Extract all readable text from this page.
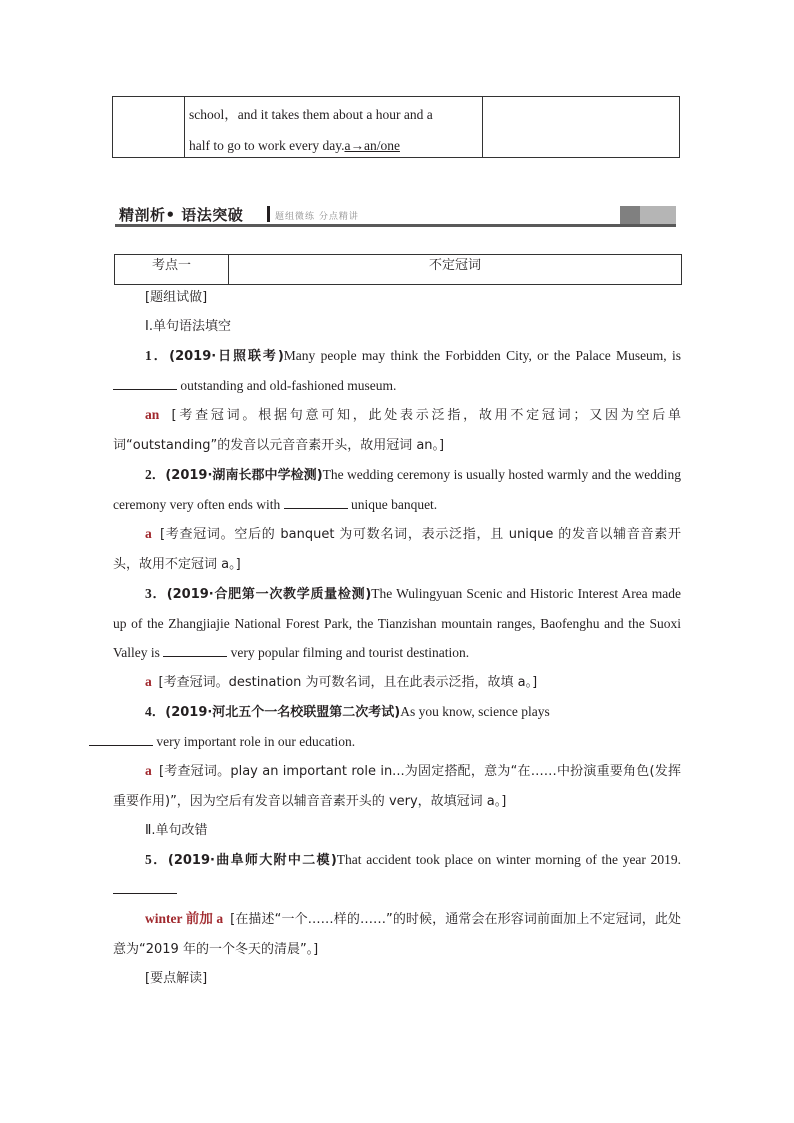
school，and it takes them about a hour and a
half to go to work every day.a→an/one
精剖析• 语法突破	题组微练 分点精讲
考点一	不定冠词

[题组试做]

Ⅰ.单句语法填空

1．(2019·日照联考)Many people may think the Forbidden City, or the Palace Museum, is  outstanding and old-fashioned museum.

an [考查冠词。根据句意可知，此处表示泛指，故用不定冠词；又因为空后单词“outstanding”的发音以元音音素开头，故用冠词 an。]

2．(2019·湖南长郡中学检测)The wedding ceremony is usually hosted warmly and the wedding ceremony very often ends with	unique banquet.

a [考查冠词。空后的 banquet 为可数名词，表示泛指，且 unique 的发音以辅音音素开头，故用不定冠词 a。]

3．(2019·合肥第一次教学质量检测)The Wulingyuan Scenic and Historic Interest Area made up of the Zhangjiajie National Forest Park, the Tianzishan mountain ranges, Baofenghu and the Suoxi Valley is	very popular filming and tourist destination.

a [考查冠词。destination 为可数名词，且在此表示泛指，故填 a。]

4．(2019·河北五个一名校联盟第二次考试)As you know, science plays
very important role in our education.

a [考查冠词。play an important role in...为固定搭配，意为“在……中扮演重要角色(发挥重要作用)”，因为空后有发音以辅音音素开头的 very，故填冠词 a。]

Ⅱ.单句改错

5．(2019·曲阜师大附中二模)That accident took place on winter morning of the year 2019.

winter 前加 a [在描述“一个……样的……”的时候，通常会在形容词前面加上不定冠词，此处意为“2019 年的一个冬天的清晨”。]

[要点解读]
